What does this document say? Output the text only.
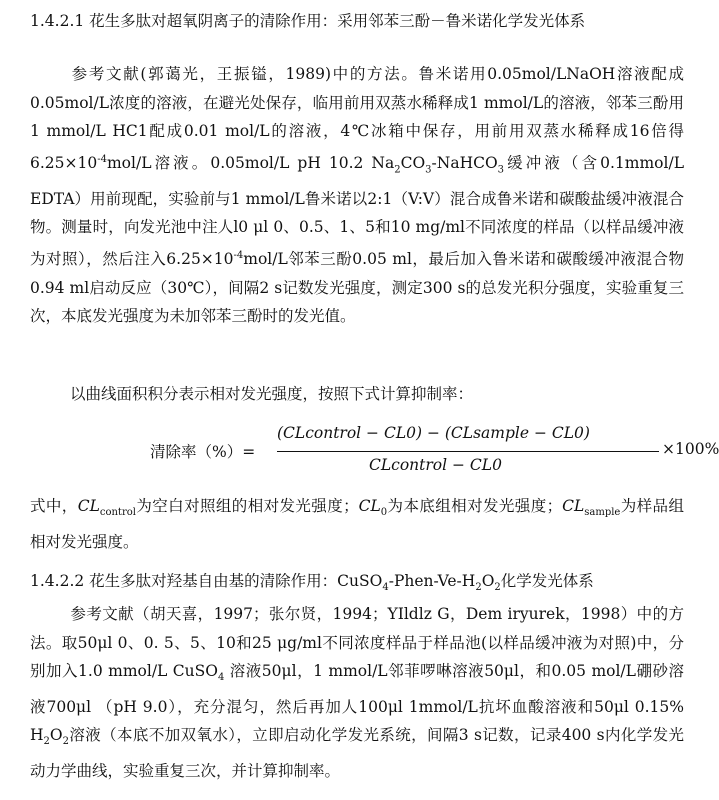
1.4.2.1 花生多肽对超氧阴离子的清除作用：采用邻苯三酚－鲁米诺化学发光体系

参考文献(郭蔼光，王振镒，1989)中的方法。鲁米诺用0.05mol/LNaOH溶液配成0.05mol/L浓度的溶液，在避光处保存，临用前用双蒸水稀释成1 mmol/L的溶液，邻苯三酚用1 mmol/L HC1配成0.01 mol/L的溶液，4℃冰箱中保存，用前用双蒸水稀释成16倍得$6.25\times 10^{-4}mol/L$溶液。0.05mol/L pH 10.2 $Na_2CO_3-NaHCO_3$缓冲液（含0.1mmol/L EDTA）用前现配，实验前与1 mmol/L鲁米诺以2:1（V:V）混合成鲁米诺和碳酸盐缓冲液混合物。测量时，向发光池中注人l0 μl 0、0.5、1、5和10 mg/ml不同浓度的样品（以样品缓冲液为对照），然后注入$6.25\times 10^{-4}mol/L$邻苯三酚0.05 ml，最后加入鲁米诺和碳酸缓冲液混合物0.94 ml启动反应（30℃），间隔2 s记数发光强度，测定300 s的总发光积分强度，实验重复三次，本底发光强度为未加邻苯三酚时的发光值。

以曲线面积积分表示相对发光强度，按照下式计算抑制率：

清除率（%）=
(CLcontrol − CL0) − (CLsample − CL0)
CLcontrol − CL0
×100%

式中，$CL_{control}$为空白对照组的相对发光强度；$CL_0$为本底组相对发光强度；$CL_{sample}$为样品组相对发光强度。

1.4.2.2 花生多肽对羟基自由基的清除作用：$CuSO_4-Phen-Ve-H_2O_2$化学发光体系

参考文献（胡天喜，1997；张尔贤，1994；YIldlz G，Dem iryurek，1998）中的方法。取50μl 0、0. 5、5、10和25 μg/ml不同浓度样品于样品池(以样品缓冲液为对照)中，分别加入1.0 mmol/L CuSO$_4$ 溶液50μl，1 mmol/L邻菲啰啉溶液50μl，和0.05 mol/L硼砂溶液700μl （pH 9.0），充分混匀，然后再加人100μl 1mmol/L抗坏血酸溶液和50μl 0.15% $H_2O_2$溶液（本底不加双氧水），立即启动化学发光系统，间隔3 s记数，记录400 s内化学发光动力学曲线，实验重复三次，并计算抑制率。
